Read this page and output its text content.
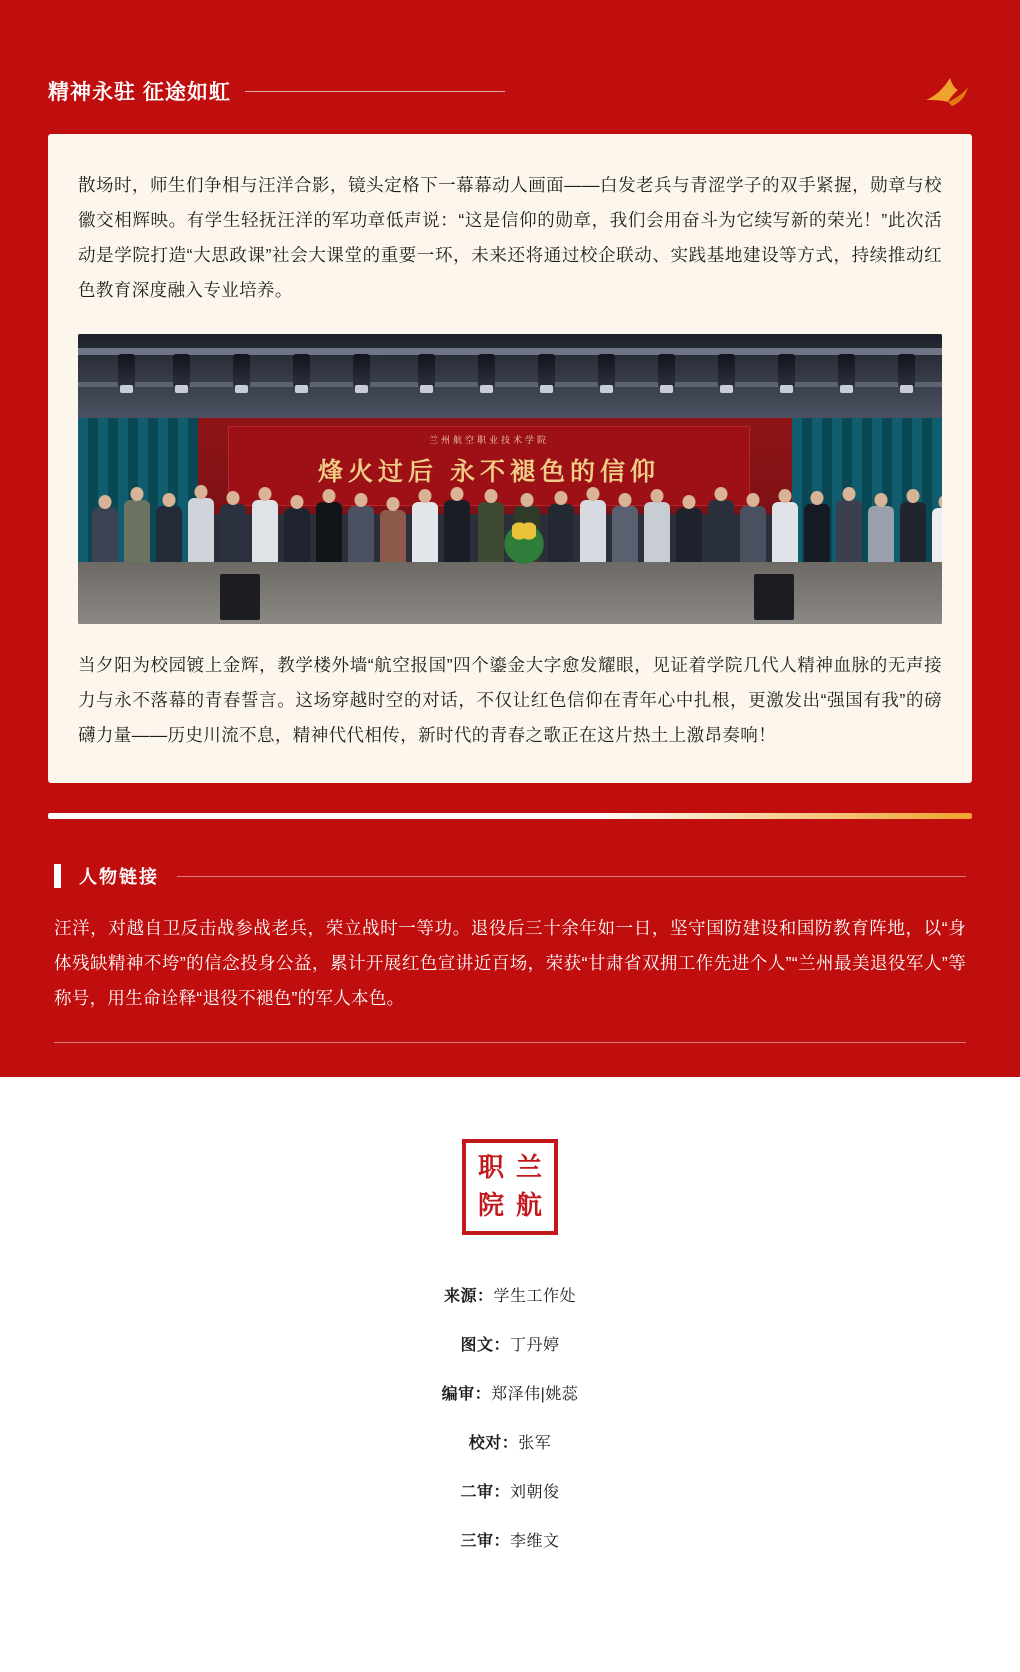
精神永驻 征途如虹

散场时，师生们争相与汪洋合影，镜头定格下一幕幕动人画面——白发老兵与青涩学子的双手紧握，勋章与校徽交相辉映。有学生轻抚汪洋的军功章低声说：“这是信仰的勋章，我们会用奋斗为它续写新的荣光！”此次活动是学院打造“大思政课”社会大课堂的重要一环，未来还将通过校企联动、实践基地建设等方式，持续推动红色教育深度融入专业培养。

兰州航空职业技术学院
烽火过后 永不褪色的信仰

当夕阳为校园镀上金辉，教学楼外墙“航空报国”四个鎏金大字愈发耀眼，见证着学院几代人精神血脉的无声接力与永不落幕的青春誓言。这场穿越时空的对话，不仅让红色信仰在青年心中扎根，更激发出“强国有我”的磅礴力量——历史川流不息，精神代代相传，新时代的青春之歌正在这片热土上激昂奏响！

人物链接

汪洋，对越自卫反击战参战老兵，荣立战时一等功。退役后三十余年如一日，坚守国防建设和国防教育阵地，以“身体残缺精神不垮”的信念投身公益，累计开展红色宣讲近百场，荣获“甘肃省双拥工作先进个人”“兰州最美退役军人”等称号，用生命诠释“退役不褪色”的军人本色。

职 兰
院 航

来源：学生工作处

图文：丁丹婷

编审：郑泽伟|姚蕊

校对：张军

二审：刘朝俊

三审：李维文
